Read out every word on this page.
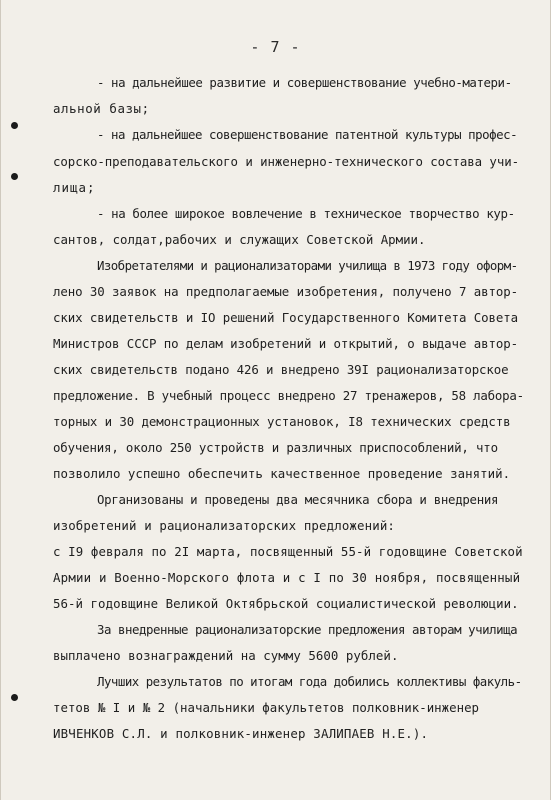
- 7 -
- на дальнейшее развитие и совершенствование учебно-матери-
альной базы;
- на дальнейшее совершенствование патентной культуры профес-
сорско-преподавательского и инженерно-технического состава учи-
лища;
- на более широкое вовлечение в техническое творчество кур-
сантов, солдат,рабочих и служащих Советской Армии.
Изобретателями и рационализаторами училища в 1973 году оформ-
лено 30 заявок на предполагаемые изобретения, получено 7 автор-
ских свидетельств и IO решений Государственного Комитета Совета
Министров СССР по делам изобретений и открытий, о выдаче автор-
ских свидетельств подано 426 и внедрено 39I рационализаторское
предложение. В учебный процесс внедрено 27 тренажеров, 58 лабора-
торных и 30 демонстрационных установок, I8 технических средств
обучения, около 250 устройств и различных приспособлений, что
позволило успешно обеспечить качественное проведение занятий.
Организованы и проведены два месячника сбора и внедрения
изобретений и рационализаторских предложений:
с I9 февраля по 2I марта, посвященный 55-й годовщине Советской
Армии и Военно-Морского флота и с I по 30 ноября, посвященный
56-й годовщине Великой Октябрьской социалистической революции.
За внедренные рационализаторские предложения авторам училища
выплачено вознаграждений на сумму 5600 рублей.
Лучших результатов по итогам года добились коллективы факуль-
тетов № I и № 2 (начальники факультетов полковник-инженер
ИВЧЕНКОВ С.Л. и полковник-инженер ЗАЛИПАЕВ Н.Е.).
